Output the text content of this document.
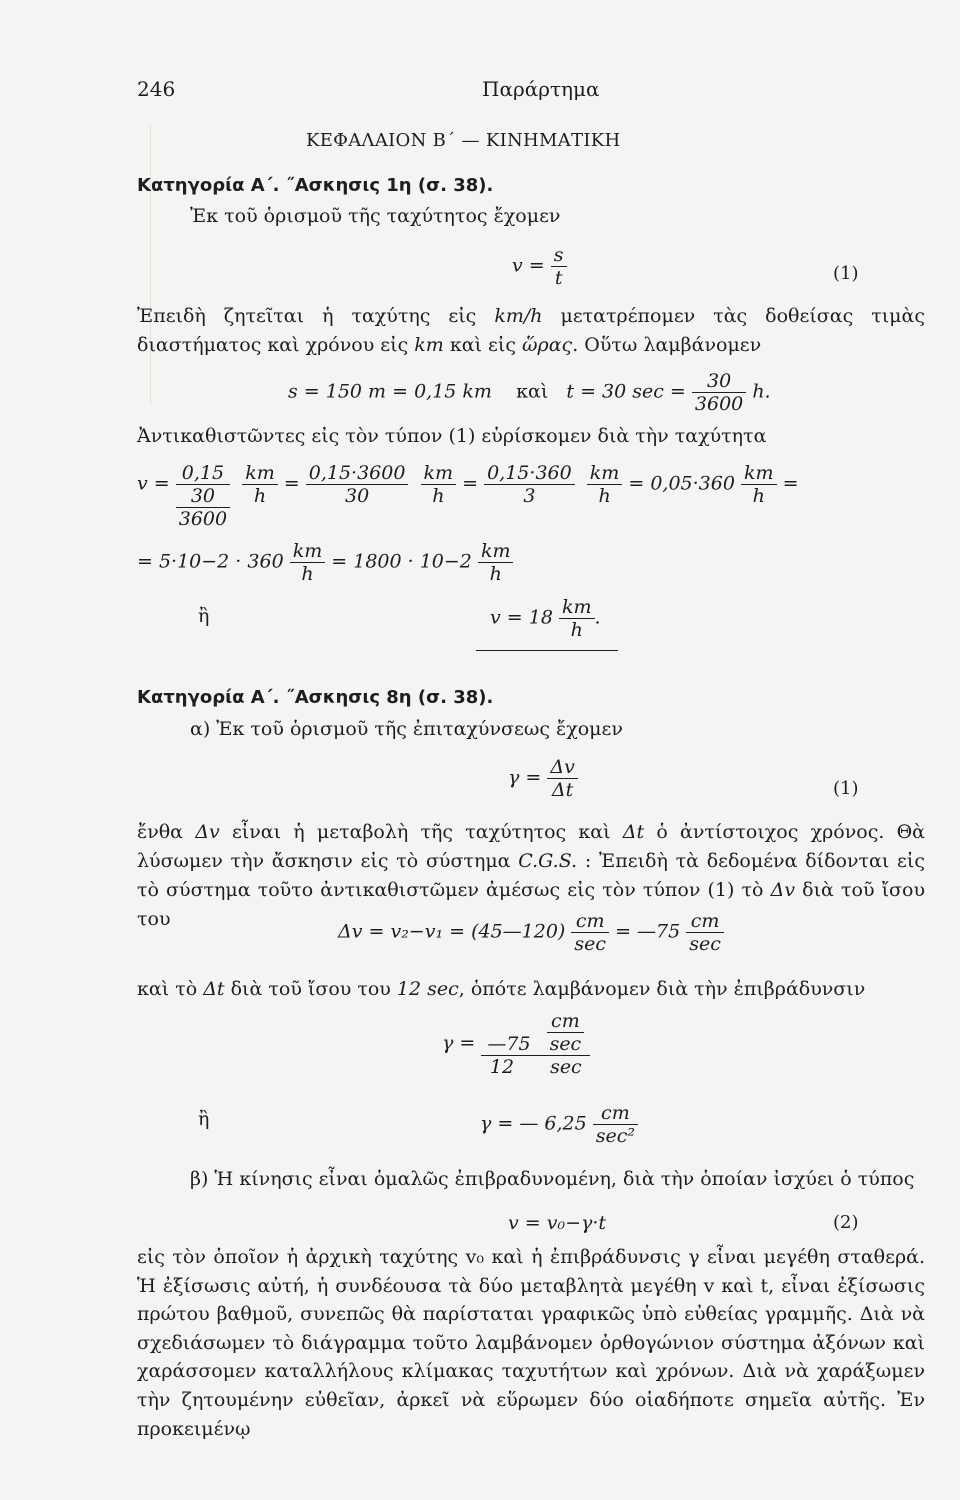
246	Παράρτημα
ΚΕΦΑΛΑΙΟΝ Β΄ — ΚΙΝΗΜΑΤΙΚΗ
Κατηγορία Α΄. ˝Ασκησις 1η (σ. 38).
Ἐκ τοῦ ὁρισμοῦ τῆς ταχύτητος ἔχομεν
$v = \frac{s}{t}$	(1)
Ἐπειδὴ ζητεῖται ἡ ταχύτης εἰς km/h μετατρέπομεν τὰς δοθείσας τιμὰς διαστήματος καὶ χρόνου εἰς km καὶ εἰς ὥρας. Οὕτω λαμβάνομεν
s = 150 m = 0,15 km καὶ t = 30 $\sec = \frac{30}{3600} h$.
Ἀντικαθιστῶντες εἰς τὸν τύπον (1) εὑρίσκομεν διὰ τὴν ταχύτητα
v = 0,15
30
3600

$\frac{km}{h} = \frac{0,15\cdot 3600}{30}$
$\frac{km}{h} = \frac{0,15\cdot 360}{3}$
$\frac{km}{h} = 0,05\cdot 360 \frac{km}{h}$ =
= $5\cdot 10-2 \cdot 360 \frac{km}{h} = 1800 \cdot 10-2 \frac{km}{h}$
ἢ	$v = 18 \frac{km}{h}$ .
Κατηγορία Α΄. ˝Ασκησις 8η (σ. 38).
α) Ἐκ τοῦ ὁρισμοῦ τῆς ἐπιταχύνσεως ἔχομεν
$\gamma = \frac{\Delta v}{\Delta t}$	(1)
ἔνθα Δv εἶναι ἡ μεταβολὴ τῆς ταχύτητος καὶ Δt ὁ ἀντίστοιχος χρόνος. Θὰ λύσωμεν τὴν ἄσκησιν εἰς τὸ σύστημα C.G.S. : Ἐπειδὴ τὰ δεδομένα δίδονται εἰς τὸ σύστημα τοῦτο ἀντικαθιστῶμεν ἀμέσως εἰς τὸν τύπον (1) τὸ Δv διὰ τοῦ ἴσου του
Δv = v₂−v₁ = (45—120) $\frac{cm}{\sec}$ = —75 $\frac{cm}{\sec}$
καὶ τὸ Δt διὰ τοῦ ἴσου του 12 sec, ὁπότε λαμβάνομεν διὰ τὴν ἐπιβράδυνσιν
$\gamma = \frac{—75 \frac{cm}{\sec}}{12 \sec}$
ἢ	γ = — $6,25 \frac{cm}{\text{sec²}}$
β) Ἡ κίνησις εἶναι ὁμαλῶς ἐπιβραδυνομένη, διὰ τὴν ὁποίαν ἰσχύει ὁ τύπος
v = v₀−γ·t	(2)
εἰς τὸν ὁποῖον ἡ ἀρχικὴ ταχύτης v₀ καὶ ἡ ἐπιβράδυνσις γ εἶναι μεγέθη σταθερά. Ἡ ἐξίσωσις αὐτή, ἡ συνδέουσα τὰ δύο μεταβλητὰ μεγέθη v καὶ t, εἶναι ἐξίσωσις πρώτου βαθμοῦ, συνεπῶς θὰ παρίσταται γραφικῶς ὑπὸ εὐθείας γραμμῆς. Διὰ νὰ σχεδιάσωμεν τὸ διάγραμμα τοῦτο λαμβάνομεν ὀρθογώνιον σύστημα ἀξόνων καὶ χαράσσομεν καταλλήλους κλίμακας ταχυτήτων καὶ χρόνων. Διὰ νὰ χαράξωμεν τὴν ζητουμένην εὐθεῖαν, ἀρκεῖ νὰ εὕρωμεν δύο οἱαδήποτε σημεῖα αὐτῆς. Ἐν προκειμένῳ
